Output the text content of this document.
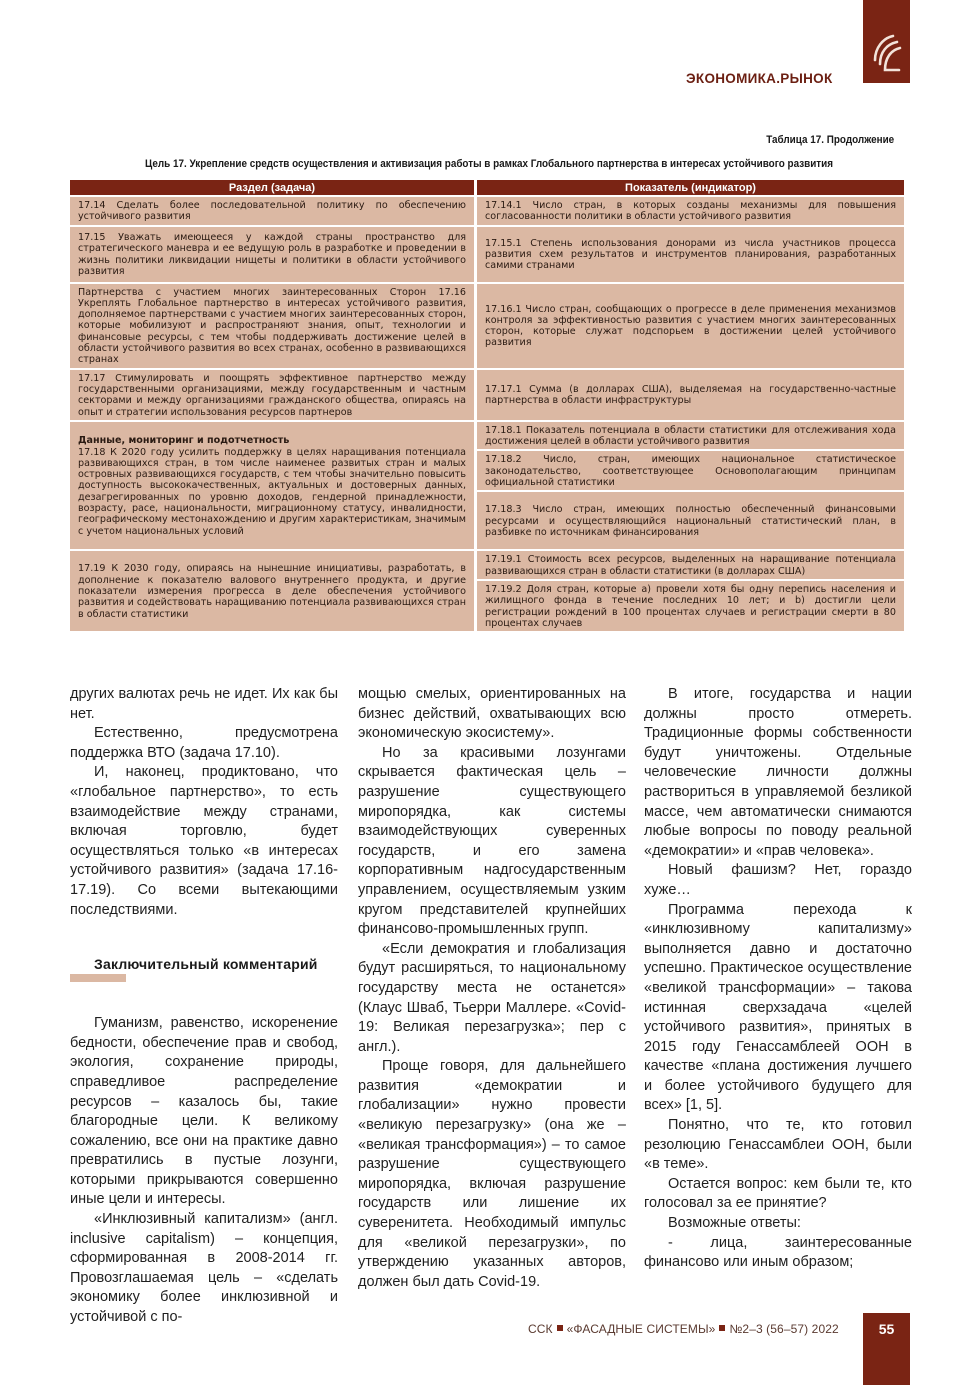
ЭКОНОМИКА.РЫНОК
Таблица 17. Продолжение
Цель 17. Укрепление средств осуществления и активизация работы в рамках Глобального партнерства в интересах устойчивого развития
Раздел (задача)	Показатель (индикатор)
17.14 Сделать более последовательной политику по обеспечению устойчивого развития	17.14.1 Число стран, в которых созданы механизмы для повышения согласованности политики в области устойчивого развития
17.15 Уважать имеющееся у каждой страны пространство для стратегического маневра и ее ведущую роль в разработке и проведении в жизнь политики ликвидации нищеты и политики в области устойчивого развития	17.15.1 Степень использования донорами из числа участников процесса развития схем результатов и инструментов планирования, разработанных самими странами
Партнерства с участием многих заинтересованных Сторон 17.16 Укреплять Глобальное партнерство в интересах устойчивого развития, дополняемое партнерствами с участием многих заинтересованных сторон, которые мобилизуют и распространяют знания, опыт, технологии и финансовые ресурсы, с тем чтобы поддерживать достижение целей в области устойчивого развития во всех странах, особенно в развивающихся странах	17.16.1 Число стран, сообщающих о прогрессе в деле применения механизмов контроля за эффективностью развития с участием многих заинтересованных сторон, которые служат подспорьем в достижении целей устойчивого развития
17.17 Стимулировать и поощрять эффективное партнерство между государственными организациями, между государственным и частным секторами и между организациями гражданского общества, опираясь на опыт и стратегии использования ресурсов партнеров	17.17.1 Сумма (в долларах США), выделяемая на государственно-частные партнерства в области инфраструктуры

Данные, мониторинг и подотчетность
17.18 К 2020 году усилить поддержку в целях наращивания потенциала развивающихся стран, в том числе наименее развитых стран и малых островных развивающихся государств, с тем чтобы значительно повысить доступность высококачественных, актуальных и достоверных данных, дезагрегированных по уровню доходов, гендерной принадлежности, возрасту, расе, национальности, миграционному статусу, инвалидности, географическому местонахождению и другим характеристикам, значимым с учетом национальных условий	17.18.1 Показатель потенциала в области статистики для отслеживания хода достижения целей в области устойчивого развития
	17.18.2 Число, стран, имеющих национальное статистическое законодательство, соответствующее Основополагающим принципам официальной статистики
	17.18.3 Число стран, имеющих полностью обеспеченный финансовыми ресурсами и осуществляющийся национальный статистический план, в разбивке по источникам финансирования
17.19 К 2030 году, опираясь на нынешние инициативы, разработать, в дополнение к показателю валового внутреннего продукта, и другие показатели измерения прогресса в деле обеспечения устойчивого развития и содействовать наращиванию потенциала развивающихся стран в области статистики	17.19.1 Стоимость всех ресурсов, выделенных на наращивание потенциала развивающихся стран в области статистики (в долларах США)
	17.19.2 Доля стран, которые a) провели хотя бы одну перепись населения и жилищного фонда в течение последних 10 лет; и b) достигли цели регистрации рождений в 100 процентах случаев и регистрации смерти в 80 процентах случаев

других валютах речь не идет. Их как бы нет.

Естественно, предусмотрена поддержка ВТО (задача 17.10).

И, наконец, продиктовано, что «глобальное партнерство», то есть взаимодействие между странами, включая торговлю, будет осуществляться только «в интересах устойчивого развития» (задача 17.16-17.19). Со всеми вытекающими последствиями.

Заключительный комментарий

Гуманизм, равенство, искоренение бедности, обеспечение прав и свобод, экология, сохранение природы, справедливое распределение ресурсов – казалось бы, такие благородные цели. К великому сожалению, все они на практике давно превратились в пустые лозунги, которыми прикрываются совершенно иные цели и интересы.

«Инклюзивный капитализм» (англ. inclusive capitalism) – концепция, сформированная в 2008-2014 гг. Провозглашаемая цель – «сделать экономику более инклюзивной и устойчивой с по-

мощью смелых, ориентированных на бизнес действий, охватывающих всю экономическую экосистему».

Но за красивыми лозунгами скрывается фактическая цель – разрушение существующего миропорядка, как системы взаимодействующих суверенных государств, и его замена корпоративным надгосударственным управлением, осуществляемым узким кругом представителей крупнейших финансово-промышленных групп.

«Если демократия и глобализация будут расширяться, то национальному государству места не останется» (Клаус Шваб, Тьерри Маллере. «Covid-19: Великая перезагрузка»; пер с англ.).

Проще говоря, для дальнейшего развития «демократии и глобализации» нужно провести «великую перезагрузку» (она же – «великая трансформация») – то самое разрушение существующего миропорядка, включая разрушение государств или лишение их суверенитета. Необходимый импульс для «великой перезагрузки», по утверждению указанных авторов, должен был дать Covid-19.

В итоге, государства и нации должны просто отмереть. Традиционные формы собственности будут уничтожены. Отдельные человеческие личности должны раствориться в управляемой безликой массе, чем автоматически снимаются любые вопросы по поводу реальной «демократии» и «прав человека».

Новый фашизм? Нет, гораздо хуже…

Программа перехода к «инклюзивному капитализму» выполняется давно и достаточно успешно. Практическое осуществление «великой трансформации» – такова истинная сверхзадача «целей устойчивого развития», принятых в 2015 году Генассамблеей ООН в качестве «плана достижения лучшего и более устойчивого будущего для всех» [1, 5].

Понятно, что те, кто готовил резолюцию Генассамблеи ООН, были «в теме».

Остается вопрос: кем были те, кто голосовал за ее принятие?

Возможные ответы:

- лица, заинтересованные финансово или иным образом;

ССК «ФАСАДНЫЕ СИСТЕМЫ» №2–3 (56–57) 2022	55
